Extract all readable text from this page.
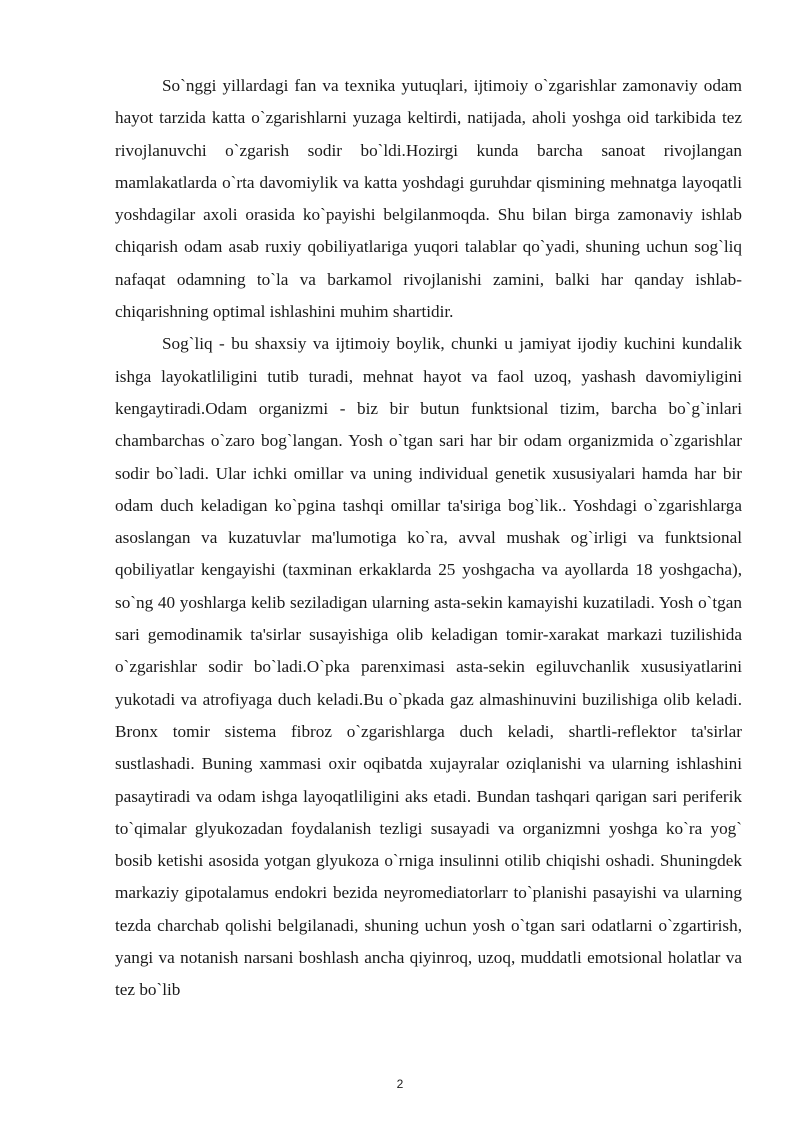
So`nggi yillardagi fan va texnika yutuqlari, ijtimoiy o`zgarishlar zamonaviy odam hayot tarzida katta o`zgarishlarni yuzaga keltirdi, natijada, aholi yoshga oid tarkibida tez rivojlanuvchi o`zgarish sodir bo`ldi.Hozirgi kunda barcha sanoat rivojlangan mamlakatlarda o`rta davomiylik va katta yoshdagi guruhdar qismining mehnatga layoqatli yoshdagilar axoli orasida ko`payishi belgilanmoqda. Shu bilan birga zamonaviy ishlab chiqarish odam asab ruxiy qobiliyatlariga yuqori talablar qo`yadi, shuning uchun sog`liq nafaqat odamning to`la va barkamol rivojlanishi zamini, balki har qanday ishlab-chiqarishning optimal ishlashini muhim shartidir.

Sog`liq - bu shaxsiy va ijtimoiy boylik, chunki u jamiyat ijodiy kuchini kundalik ishga layokatliligini tutib turadi, mehnat hayot va faol uzoq, yashash davomiyligini kengaytiradi.Odam organizmi - biz bir butun funktsional tizim, barcha bo`g`inlari chambarchas o`zaro bog`langan. Yosh o`tgan sari har bir odam organizmida o`zgarishlar sodir bo`ladi. Ular ichki omillar va uning individual genetik xususiyalari hamda har bir odam duch keladigan ko`pgina tashqi omillar ta'siriga bog`lik.. Yoshdagi o`zgarishlarga asoslangan va kuzatuvlar ma'lumotiga ko`ra, avval mushak og`irligi va funktsional qobiliyatlar kengayishi (taxminan erkaklarda 25 yoshgacha va ayollarda 18 yoshgacha), so`ng 40 yoshlarga kelib seziladigan ularning asta-sekin kamayishi kuzatiladi. Yosh o`tgan sari gemodinamik ta'sirlar susayishiga olib keladigan tomir-xarakat markazi tuzilishida o`zgarishlar sodir bo`ladi.O`pka parenximasi asta-sekin egiluvchanlik xususiyatlarini yukotadi va atrofiyaga duch keladi.Bu o`pkada gaz almashinuvini buzilishiga olib keladi. Bronx tomir sistema fibroz o`zgarishlarga duch keladi, shartli-reflektor ta'sirlar sustlashadi. Buning xammasi oxir oqibatda xujayralar oziqlanishi va ularning ishlashini pasaytiradi va odam ishga layoqatliligini aks etadi. Bundan tashqari qarigan sari periferik to`qimalar glyukozadan foydalanish tezligi susayadi va organizmni yoshga ko`ra yog` bosib ketishi asosida yotgan glyukoza o`rniga insulinni otilib chiqishi oshadi. Shuningdek markaziy gipotalamus endokri bezida neyromediatorlarr to`planishi pasayishi va ularning tezda charchab qolishi belgilanadi, shuning uchun yosh o`tgan sari odatlarni o`zgartirish, yangi va notanish narsani boshlash ancha qiyinroq, uzoq, muddatli emotsional holatlar va tez bo`lib

2
